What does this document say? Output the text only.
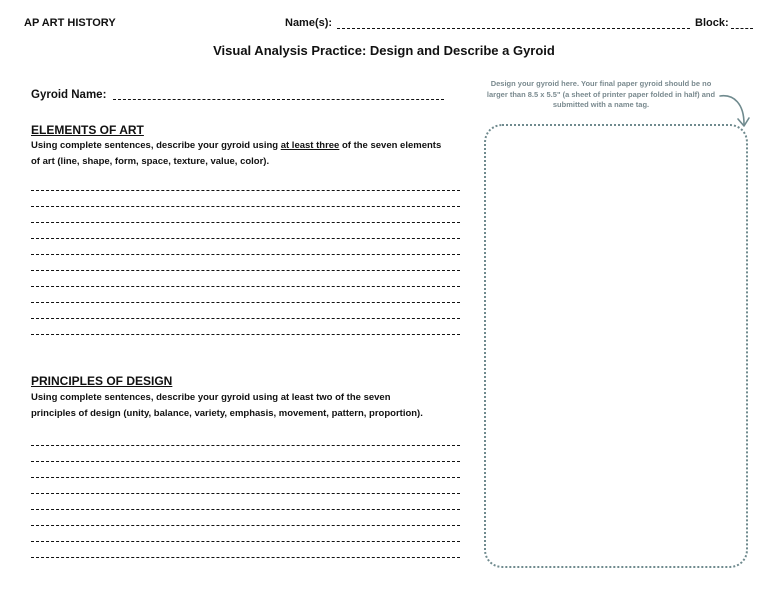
AP ART HISTORY	Name(s):	Block:
Visual Analysis Practice: Design and Describe a Gyroid
Gyroid Name:
ELEMENTS OF ART
Using complete sentences, describe your gyroid using at least three of the seven elements of art (line, shape, form, space, texture, value, color).
PRINCIPLES OF DESIGN
Using complete sentences, describe your gyroid using at least two of the seven
principles of design (unity, balance, variety, emphasis, movement, pattern, proportion).
Design your gyroid here. Your final paper gyroid should be no larger than 8.5 x 5.5" (a sheet of printer paper folded in half) and submitted with a name tag.
